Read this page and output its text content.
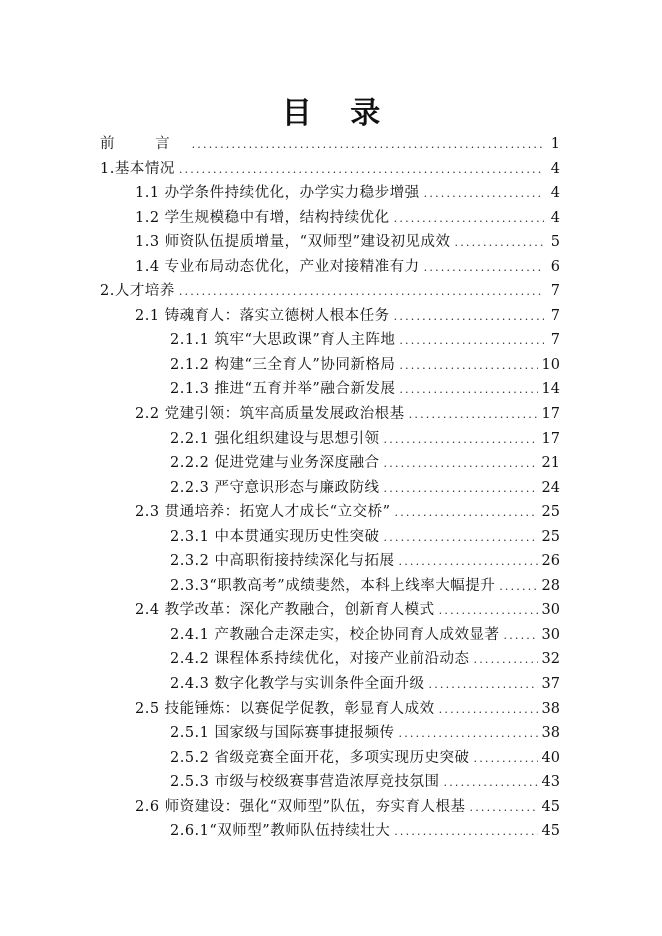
目 录
前 言 .....	1
1.基本情况 .....	4
1.1 办学条件持续优化，办学实力稳步增强 .....	4
1.2 学生规模稳中有增，结构持续优化 .....	4
1.3 师资队伍提质增量，“双师型”建设初见成效 .....	5
1.4 专业布局动态优化，产业对接精准有力 .....	6
2.人才培养 .....	7
2.1 铸魂育人：落实立德树人根本任务 .....	7
2.1.1 筑牢“大思政课”育人主阵地 .....	7
2.1.2 构建“三全育人”协同新格局 .....	10
2.1.3 推进“五育并举”融合新发展 .....	14
2.2 党建引领：筑牢高质量发展政治根基 .....	17
2.2.1 强化组织建设与思想引领 .....	17
2.2.2 促进党建与业务深度融合 .....	21
2.2.3 严守意识形态与廉政防线 .....	24
2.3 贯通培养：拓宽人才成长“立交桥” .....	25
2.3.1 中本贯通实现历史性突破 .....	25
2.3.2 中高职衔接持续深化与拓展 .....	26
2.3.3“职教高考”成绩斐然，本科上线率大幅提升 .....	28
2.4 教学改革：深化产教融合，创新育人模式 .....	30
2.4.1 产教融合走深走实，校企协同育人成效显著 .....	30
2.4.2 课程体系持续优化，对接产业前沿动态 .....	32
2.4.3 数字化教学与实训条件全面升级 .....	37
2.5 技能锤炼：以赛促学促教，彰显育人成效 .....	38
2.5.1 国家级与国际赛事捷报频传 .....	38
2.5.2 省级竞赛全面开花，多项实现历史突破 .....	40
2.5.3 市级与校级赛事营造浓厚竞技氛围 .....	43
2.6 师资建设：强化“双师型”队伍，夯实育人根基 .....	45
2.6.1“双师型”教师队伍持续壮大 .....	45
